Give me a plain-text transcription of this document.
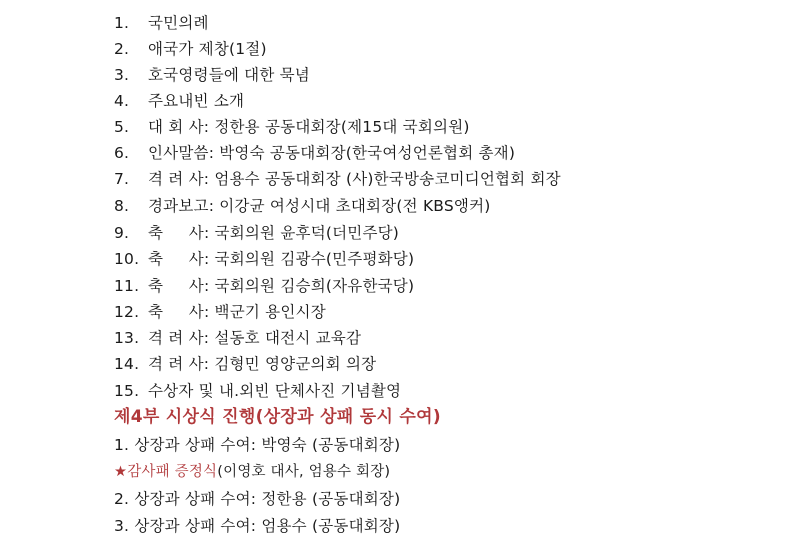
1. 국민의례
2. 애국가 제창(1절)
3. 호국영령들에 대한 묵념
4. 주요내빈 소개
5. 대 회 사: 정한용 공동대회장(제15대 국회의원)
6. 인사말씀: 박영숙 공동대회장(한국여성언론협회 총재)
7. 격 려 사: 엄용수 공동대회장 (사)한국방송코미디언협회 회장
8. 경과보고: 이강균 여성시대 초대회장(전 KBS앵커)
9. 축     사: 국회의원 윤후덕(더민주당)
10. 축     사: 국회의원 김광수(민주평화당)
11. 축     사: 국회의원 김승희(자유한국당)
12. 축     사: 백군기 용인시장
13. 격 려 사: 설동호 대전시 교육감
14. 격 려 사: 김형민 영양군의회 의장
15. 수상자 및 내.외빈 단체사진 기념촬영
제4부 시상식 진행(상장과 상패 동시 수여)
1. 상장과 상패 수여: 박영숙 (공동대회장)
★감사패 증정식(이영호 대사, 엄용수 회장)
2. 상장과 상패 수여: 정한용 (공동대회장)
3. 상장과 상패 수여: 엄용수 (공동대회장)
